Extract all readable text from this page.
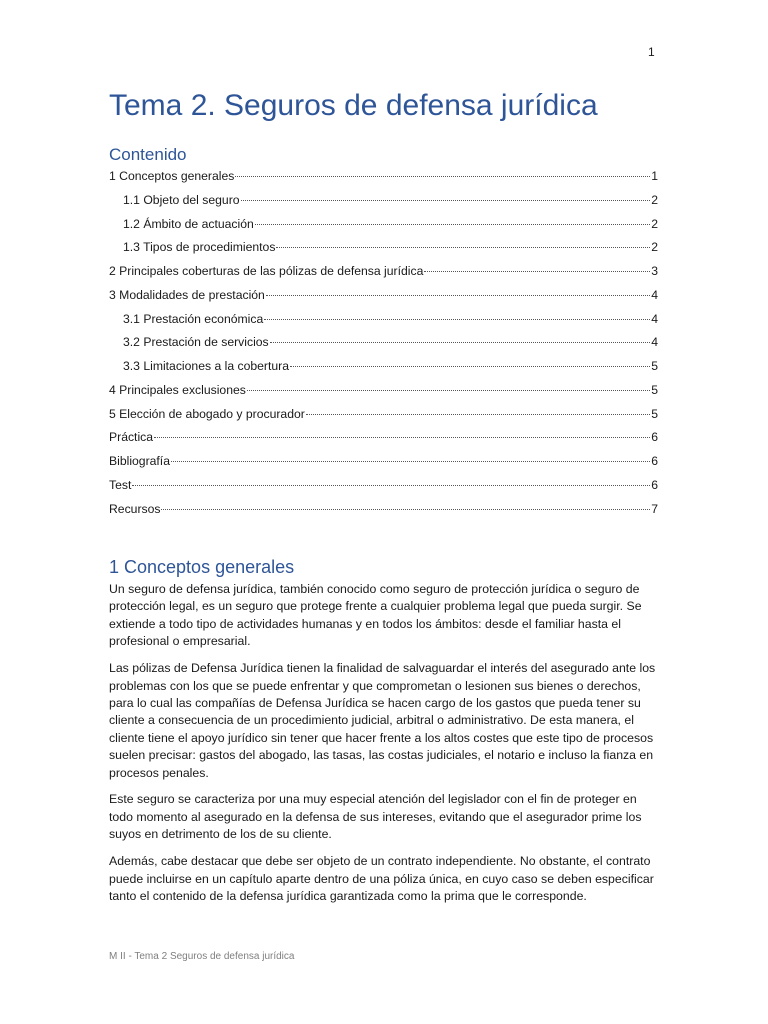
1
Tema 2. Seguros de defensa jurídica
Contenido
1 Conceptos generales	1
1.1 Objeto del seguro	2
1.2 Ámbito de actuación	2
1.3 Tipos de procedimientos	2
2 Principales coberturas de las pólizas de defensa jurídica	3
3 Modalidades de prestación	4
3.1 Prestación económica	4
3.2 Prestación de servicios	4
3.3 Limitaciones a la cobertura	5
4 Principales exclusiones	5
5 Elección de abogado y procurador	5
Práctica	6
Bibliografía	6
Test	6
Recursos	7
1 Conceptos generales

Un seguro de defensa jurídica, también conocido como seguro de protección jurídica o seguro de protección legal, es un seguro que protege frente a cualquier problema legal que pueda surgir. Se extiende a todo tipo de actividades humanas y en todos los ámbitos: desde el familiar hasta el profesional o empresarial.

Las pólizas de Defensa Jurídica tienen la finalidad de salvaguardar el interés del asegurado ante los problemas con los que se puede enfrentar y que comprometan o lesionen sus bienes o derechos, para lo cual las compañías de Defensa Jurídica se hacen cargo de los gastos que pueda tener su cliente a consecuencia de un procedimiento judicial, arbitral o administrativo. De esta manera, el cliente tiene el apoyo jurídico sin tener que hacer frente a los altos costes que este tipo de procesos suelen precisar: gastos del abogado, las tasas, las costas judiciales, el notario e incluso la fianza en procesos penales.

Este seguro se caracteriza por una muy especial atención del legislador con el fin de proteger en todo momento al asegurado en la defensa de sus intereses, evitando que el asegurador prime los suyos en detrimento de los de su cliente.

Además, cabe destacar que debe ser objeto de un contrato independiente. No obstante, el contrato puede incluirse en un capítulo aparte dentro de una póliza única, en cuyo caso se deben especificar tanto el contenido de la defensa jurídica garantizada como la prima que le corresponde.

M II - Tema 2 Seguros de defensa jurídica
